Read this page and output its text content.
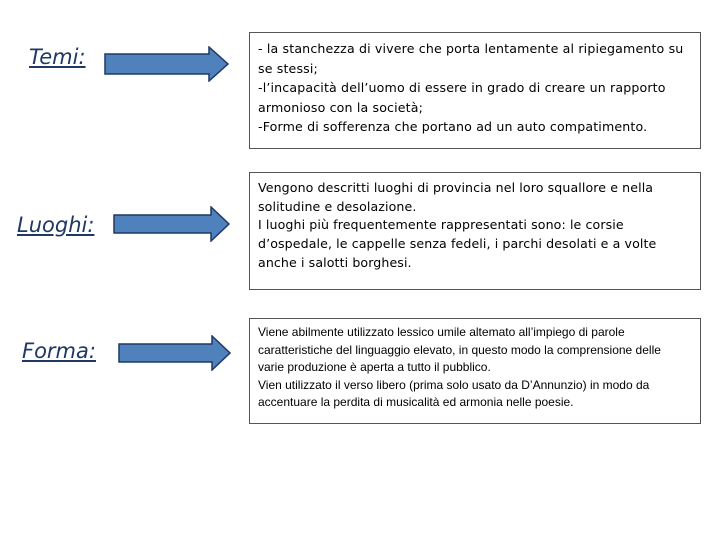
Temi:	- la stanchezza di vivere che porta lentamente al ripiegamento su
se stessi;
-l’incapacità dell’uomo di essere in grado di creare un rapporto
armonioso con la società;
-Forme di sofferenza che portano ad un auto compatimento.
Luoghi:
Vengono descritti luoghi di provincia nel loro squallore e nella
solitudine e desolazione.
I luoghi più frequentemente rappresentati sono: le corsie
d’ospedale, le cappelle senza fedeli, i parchi desolati e a volte
anche i salotti borghesi.
Forma:
Viene abilmente utilizzato lessico umile altemato all’impiego di parole
caratteristiche del linguaggio elevato, in questo modo la comprensione delle
varie produzione è aperta a tutto il pubblico.
Vien utilizzato il verso libero (prima solo usato da D’Annunzio) in modo da
accentuare la perdita di musicalità ed armonia nelle poesie.
